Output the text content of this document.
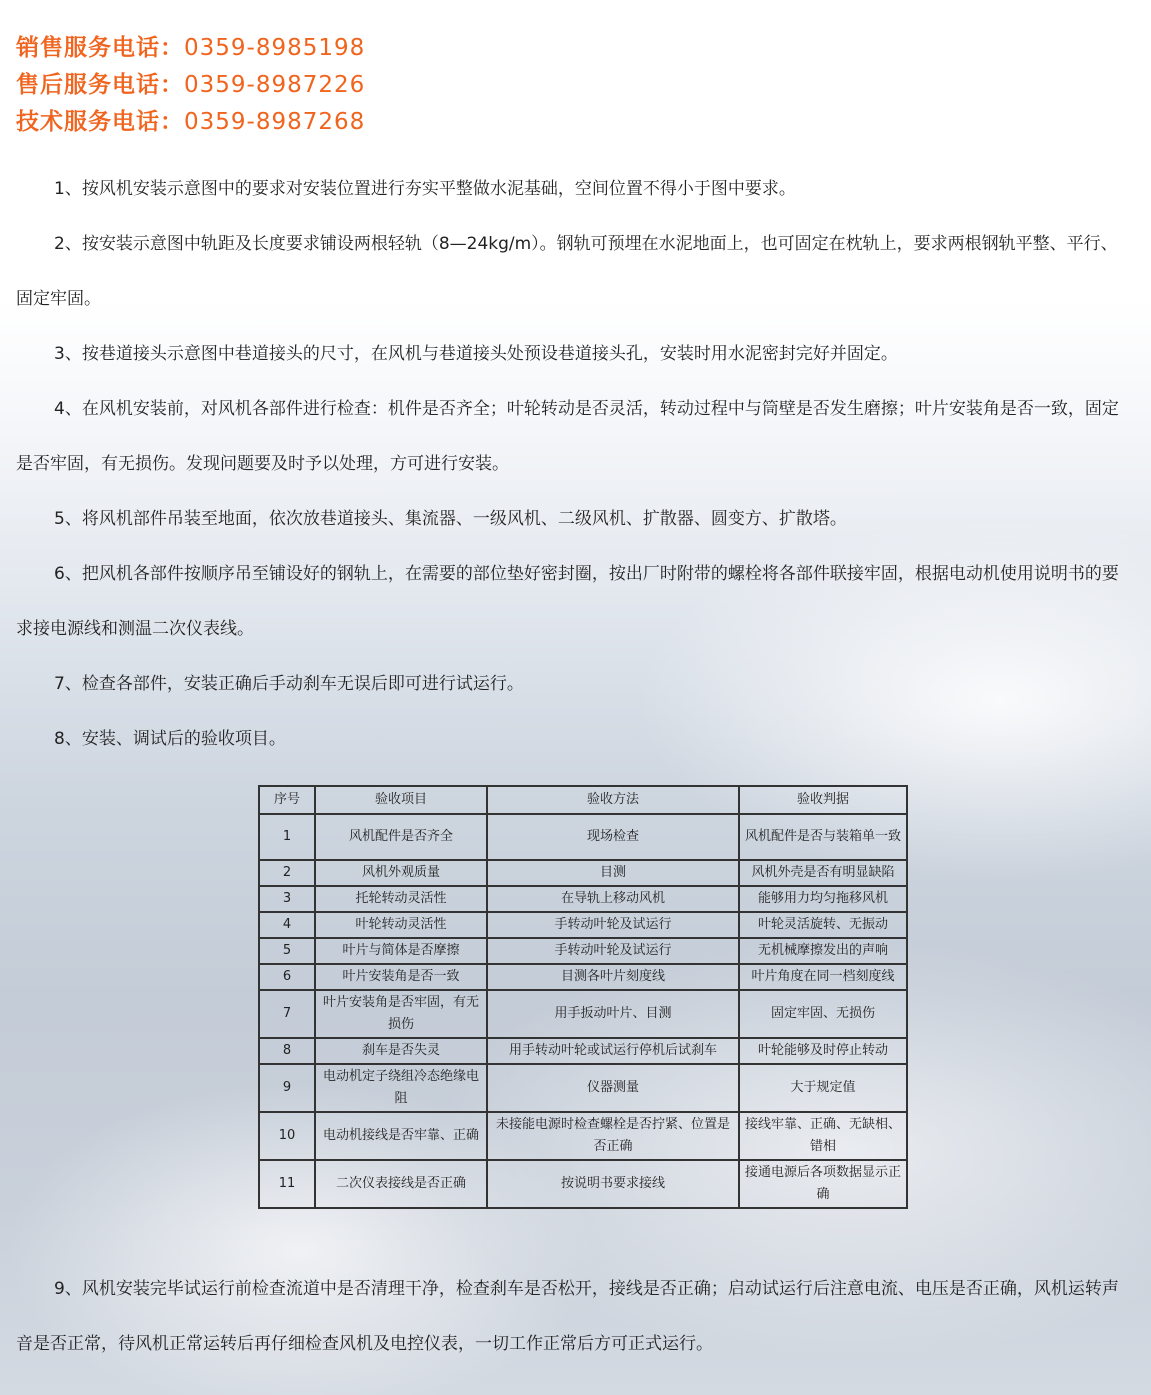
销售服务电话：0359-8985198
售后服务电话：0359-8987226
技术服务电话：0359-8987268

1、按风机安装示意图中的要求对安装位置进行夯实平整做水泥基础，空间位置不得小于图中要求。

2、按安装示意图中轨距及长度要求铺设两根轻轨（8—24kg/m）。钢轨可预埋在水泥地面上，也可固定在枕轨上，要求两根钢轨平整、平行、固定牢固。

3、按巷道接头示意图中巷道接头的尺寸，在风机与巷道接头处预设巷道接头孔，安装时用水泥密封完好并固定。

4、在风机安装前，对风机各部件进行检查：机件是否齐全；叶轮转动是否灵活，转动过程中与筒壁是否发生磨擦；叶片安装角是否一致，固定是否牢固，有无损伤。发现问题要及时予以处理，方可进行安装。

5、将风机部件吊装至地面，依次放巷道接头、集流器、一级风机、二级风机、扩散器、圆变方、扩散塔。

6、把风机各部件按顺序吊至铺设好的钢轨上，在需要的部位垫好密封圈，按出厂时附带的螺栓将各部件联接牢固，根据电动机使用说明书的要求接电源线和测温二次仪表线。

7、检查各部件，安装正确后手动刹车无误后即可进行试运行。

8、安装、调试后的验收项目。

序号	验收项目	验收方法	验收判据
1	风机配件是否齐全	现场检查	风机配件是否与装箱单一致
2	风机外观质量	目测	风机外壳是否有明显缺陷
3	托轮转动灵活性	在导轨上移动风机	能够用力均匀拖移风机
4	叶轮转动灵活性	手转动叶轮及试运行	叶轮灵活旋转、无振动
5	叶片与简体是否摩擦	手转动叶轮及试运行	无机械摩擦发出的声响
6	叶片安装角是否一致	目测各叶片刻度线	叶片角度在同一档刻度线
7	叶片安装角是否牢固，有无损伤	用手扳动叶片、目测	固定牢固、无损伤
8	刹车是否失灵	用手转动叶轮或试运行停机后试刹车	叶轮能够及时停止转动
9	电动机定子绕组冷态绝缘电阻	仪器测量	大于规定值
10	电动机接线是否牢靠、正确	未接能电源时检查螺栓是否拧紧、位置是否正确	接线牢靠、正确、无缺相、错相
11	二次仪表接线是否正确	按说明书要求接线	接通电源后各项数据显示正确

9、风机安装完毕试运行前检查流道中是否清理干净，检查刹车是否松开，接线是否正确；启动试运行后注意电流、电压是否正确，风机运转声音是否正常，待风机正常运转后再仔细检查风机及电控仪表，一切工作正常后方可正式运行。
